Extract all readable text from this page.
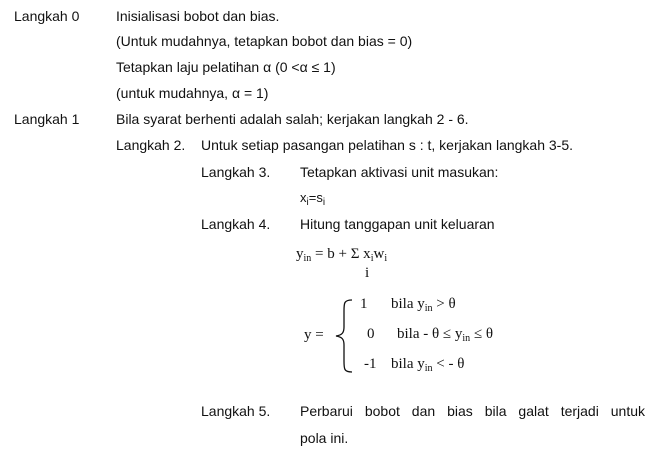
Langkah 0	Inisialisasi bobot dan bias.
(Untuk mudahnya, tetapkan bobot dan bias = 0)
Tetapkan laju pelatihan α (0 <α ≤ 1)
(untuk mudahnya, α = 1)
Langkah 1	Bila syarat berhenti adalah salah; kerjakan langkah 2 - 6.
Langkah 2. Untuk setiap pasangan pelatihan s : t, kerjakan langkah 3-5.
Langkah 3. Tetapkan aktivasi unit masukan:
$x_i=s_i$
Langkah 4. Hitung tanggapan unit keluaran
$y_{in} = b + \Sigma$ $x_iw_i$
i
y =
1 bila $y_{in} > \theta$
0 bila - $\theta \le y_{in} \le \theta$
-1 bila $y_{in}$ < - θ
Langkah 5. Perbarui bobot dan bias bila galat terjadi untuk
pola ini.
